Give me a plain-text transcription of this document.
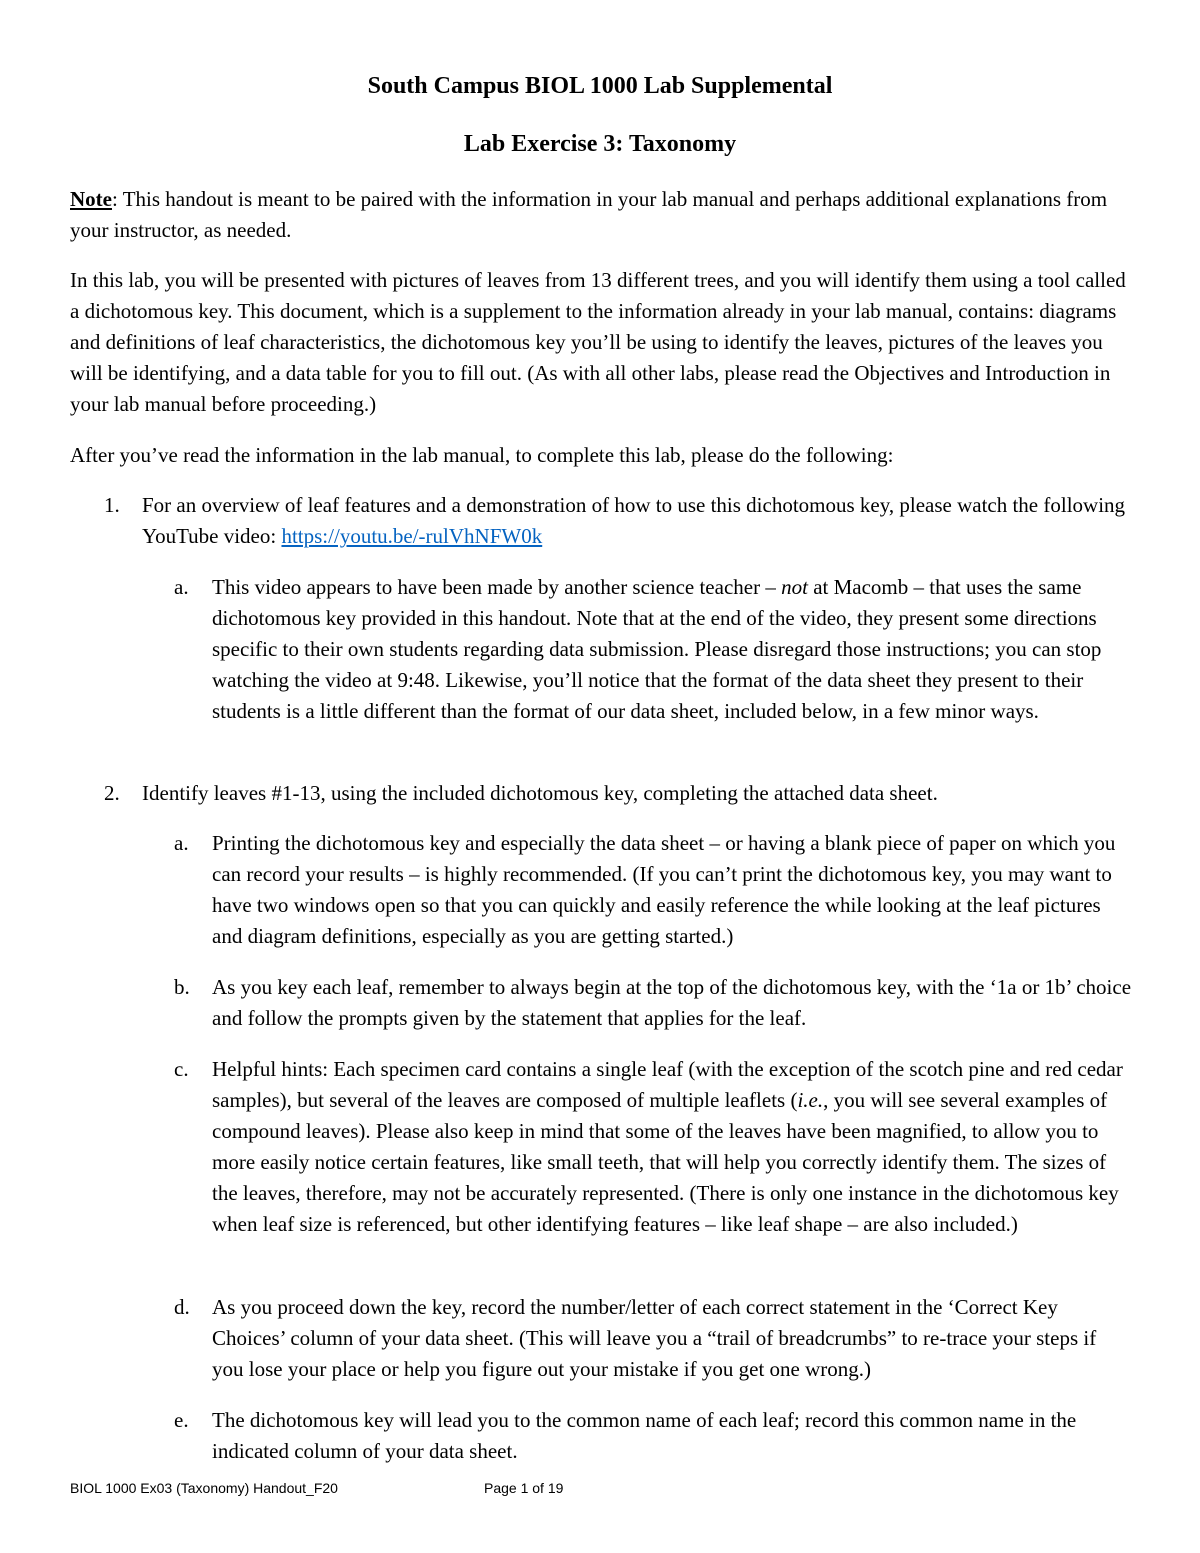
South Campus BIOL 1000 Lab Supplemental
Lab Exercise 3: Taxonomy

Note: This handout is meant to be paired with the information in your lab manual and perhaps additional explanations from your instructor, as needed.

In this lab, you will be presented with pictures of leaves from 13 different trees, and you will identify them using a tool called a dichotomous key. This document, which is a supplement to the information already in your lab manual, contains: diagrams and definitions of leaf characteristics, the dichotomous key you’ll be using to identify the leaves, pictures of the leaves you will be identifying, and a data table for you to fill out. (As with all other labs, please read the Objectives and Introduction in your lab manual before proceeding.)

After you’ve read the information in the lab manual, to complete this lab, please do the following:

1. For an overview of leaf features and a demonstration of how to use this dichotomous key, please watch the following YouTube video: https://youtu.be/-rulVhNFW0k

a. This video appears to have been made by another science teacher – not at Macomb – that uses the same dichotomous key provided in this handout. Note that at the end of the video, they present some directions specific to their own students regarding data submission. Please disregard those instructions; you can stop watching the video at 9:48. Likewise, you’ll notice that the format of the data sheet they present to their students is a little different than the format of our data sheet, included below, in a few minor ways.

2. Identify leaves #1-13, using the included dichotomous key, completing the attached data sheet.

a. Printing the dichotomous key and especially the data sheet – or having a blank piece of paper on which you can record your results – is highly recommended. (If you can’t print the dichotomous key, you may want to have two windows open so that you can quickly and easily reference the while looking at the leaf pictures and diagram definitions, especially as you are getting started.)

b. As you key each leaf, remember to always begin at the top of the dichotomous key, with the ‘1a or 1b’ choice and follow the prompts given by the statement that applies for the leaf.

c. Helpful hints: Each specimen card contains a single leaf (with the exception of the scotch pine and red cedar samples), but several of the leaves are composed of multiple leaflets (i.e., you will see several examples of compound leaves). Please also keep in mind that some of the leaves have been magnified, to allow you to more easily notice certain features, like small teeth, that will help you correctly identify them. The sizes of the leaves, therefore, may not be accurately represented. (There is only one instance in the dichotomous key when leaf size is referenced, but other identifying features – like leaf shape – are also included.)

d. As you proceed down the key, record the number/letter of each correct statement in the ‘Correct Key Choices’ column of your data sheet. (This will leave you a “trail of breadcrumbs” to re-trace your steps if you lose your place or help you figure out your mistake if you get one wrong.)

e. The dichotomous key will lead you to the common name of each leaf; record this common name in the indicated column of your data sheet.

BIOL 1000 Ex03 (Taxonomy) Handout_F20	Page 1 of 19
